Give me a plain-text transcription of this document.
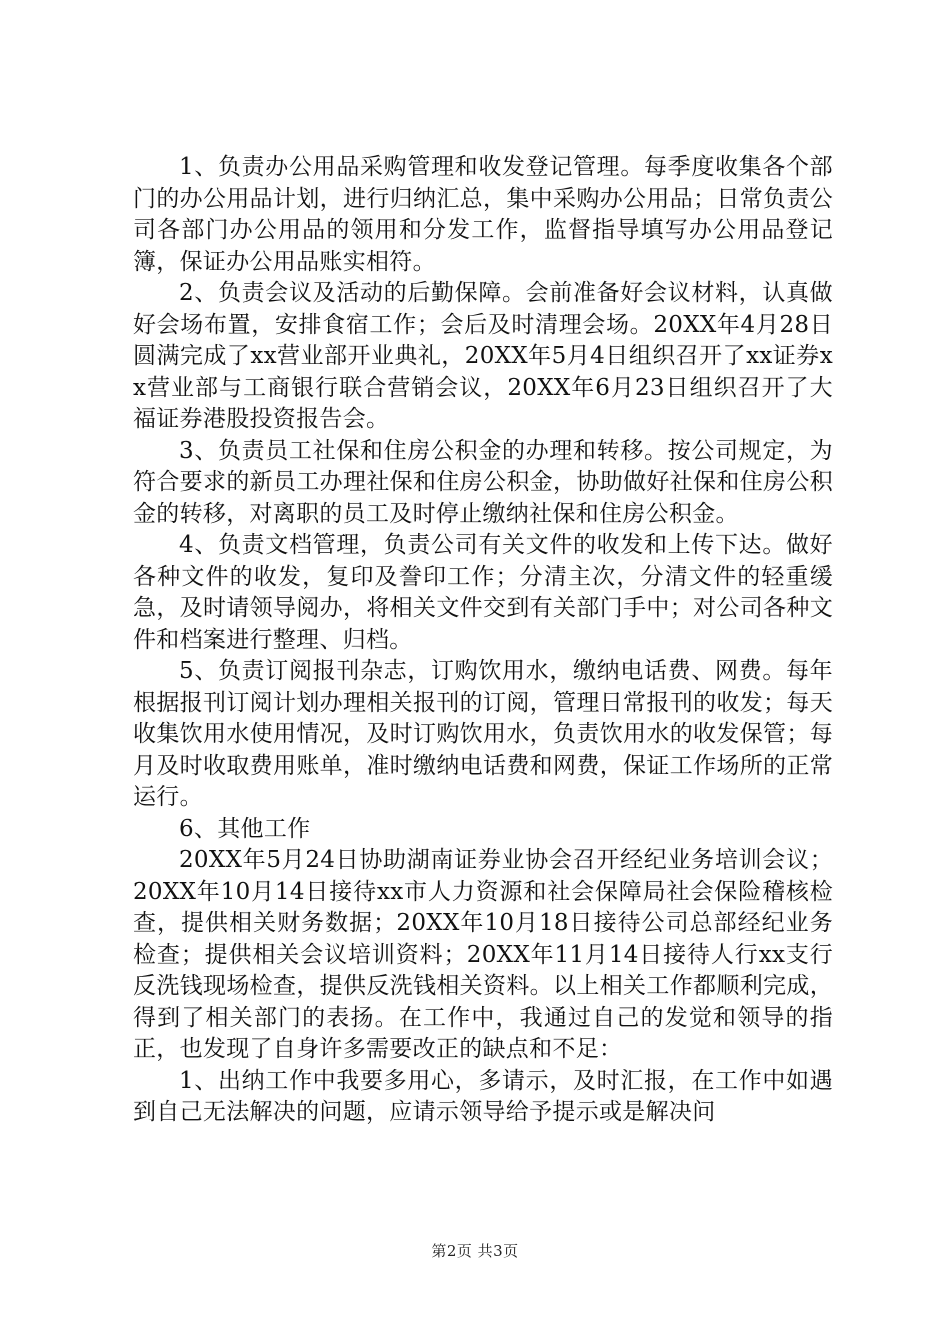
1、负责办公用品采购管理和收发登记管理。每季度收集各个部门的办公用品计划，进行归纳汇总，集中采购办公用品；日常负责公司各部门办公用品的领用和分发工作，监督指导填写办公用品登记簿，保证办公用品账实相符。

2、负责会议及活动的后勤保障。会前准备好会议材料，认真做好会场布置，安排食宿工作；会后及时清理会场。20XX年4月28日圆满完成了xx营业部开业典礼，20XX年5月4日组织召开了xx证券xx营业部与工商银行联合营销会议，20XX年6月23日组织召开了大福证券港股投资报告会。

3、负责员工社保和住房公积金的办理和转移。按公司规定，为符合要求的新员工办理社保和住房公积金，协助做好社保和住房公积金的转移，对离职的员工及时停止缴纳社保和住房公积金。

4、负责文档管理，负责公司有关文件的收发和上传下达。做好各种文件的收发，复印及誊印工作；分清主次，分清文件的轻重缓急，及时请领导阅办，将相关文件交到有关部门手中；对公司各种文件和档案进行整理、归档。

5、负责订阅报刊杂志，订购饮用水，缴纳电话费、网费。每年根据报刊订阅计划办理相关报刊的订阅，管理日常报刊的收发；每天收集饮用水使用情况，及时订购饮用水，负责饮用水的收发保管；每月及时收取费用账单，准时缴纳电话费和网费，保证工作场所的正常运行。

6、其他工作

20XX年5月24日协助湖南证券业协会召开经纪业务培训会议；20XX年10月14日接待xx市人力资源和社会保障局社会保险稽核检查，提供相关财务数据；20XX年10月18日接待公司总部经纪业务检查；提供相关会议培训资料；20XX年11月14日接待人行xx支行反洗钱现场检查，提供反洗钱相关资料。以上相关工作都顺利完成，得到了相关部门的表扬。在工作中，我通过自己的发觉和领导的指正，也发现了自身许多需要改正的缺点和不足：

1、出纳工作中我要多用心，多请示，及时汇报，在工作中如遇到自己无法解决的问题，应请示领导给予提示或是解决问

第2页 共3页
